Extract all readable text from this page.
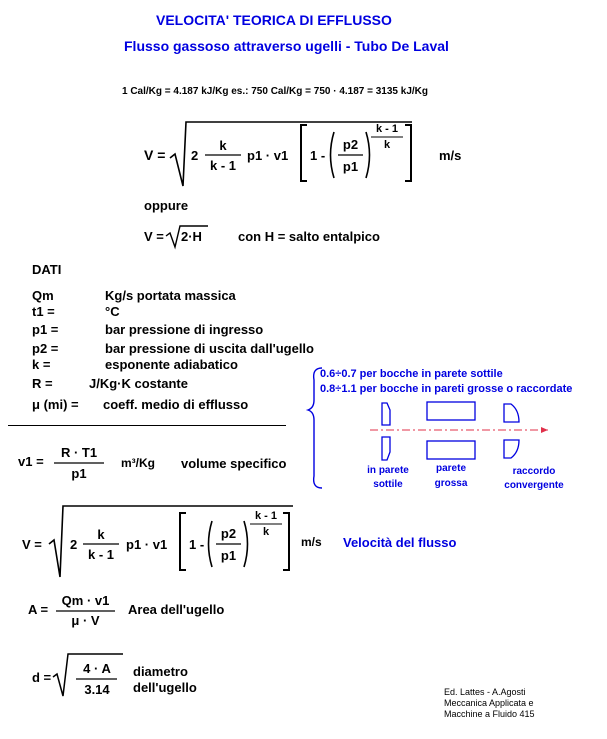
VELOCITA' TEORICA DI EFFLUSSO
Flusso gassoso attraverso ugelli - Tubo De Laval
1 Cal/Kg = 4.187 kJ/Kg es.: 750 Cal/Kg = 750 · 4.187 = 3135 kJ/Kg
V = 2
k
k - 1
p1 · v1 1 -
p2
p1
k - 1
k
m/s
oppure
V = 2·H	con H = salto entalpico
DATI
Qm	Kg/s portata massica
t1 =	°C
p1 =	bar pressione di ingresso
p2 =	bar pressione di uscita dall'ugello
k =	esponente adiabatico
R =	J/Kg·K costante
μ (mi) = coeff. medio di efflusso
0.6÷0.7 per bocche in parete sottile
0.8÷1.1 per bocche in pareti grosse o raccordate
in parete
sottile
parete
grossa
raccordo
convergente
v1 =
R · T1
p1
m³/Kg volume specifico
V = 2
k
k - 1
p1 · v1 1 -
p2
p1
k - 1
k
m/s Velocità del flusso
A =
Qm · v1
μ · V
Area dell'ugello
d =
4 · A
3.14
diametro
dell'ugello	Ed. Lattes - A.Agosti
Meccanica Applicata e
Macchine a Fluido 415
